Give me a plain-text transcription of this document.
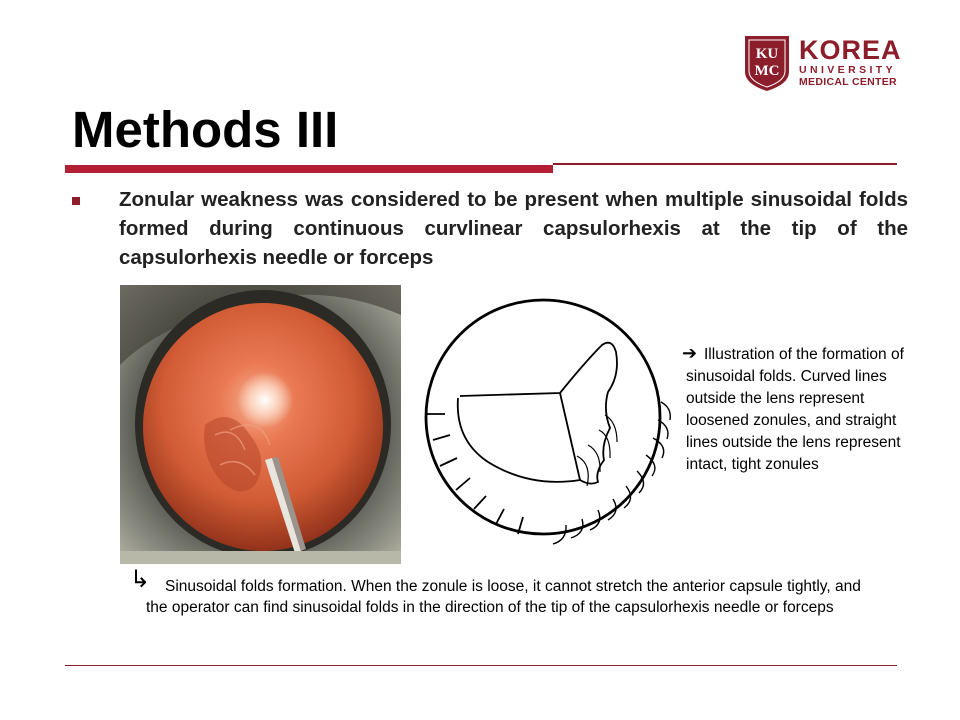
KU
MC
KOREA
UNIVERSITY
MEDICAL CENTER
Methods III

Zonular weakness was considered to be present when multiple sinusoidal folds formed during continuous curvlinear capsulorhexis at the tip of the capsulorhexis needle or forceps

➔ Illustration of the formation of sinusoidal folds. Curved lines outside the lens represent loosened zonules, and straight lines outside the lens represent intact, tight zonules

↳ Sinusoidal folds formation. When the zonule is loose, it cannot stretch the anterior capsule tightly, and the operator can find sinusoidal folds in the direction of the tip of the capsulorhexis needle or forceps
